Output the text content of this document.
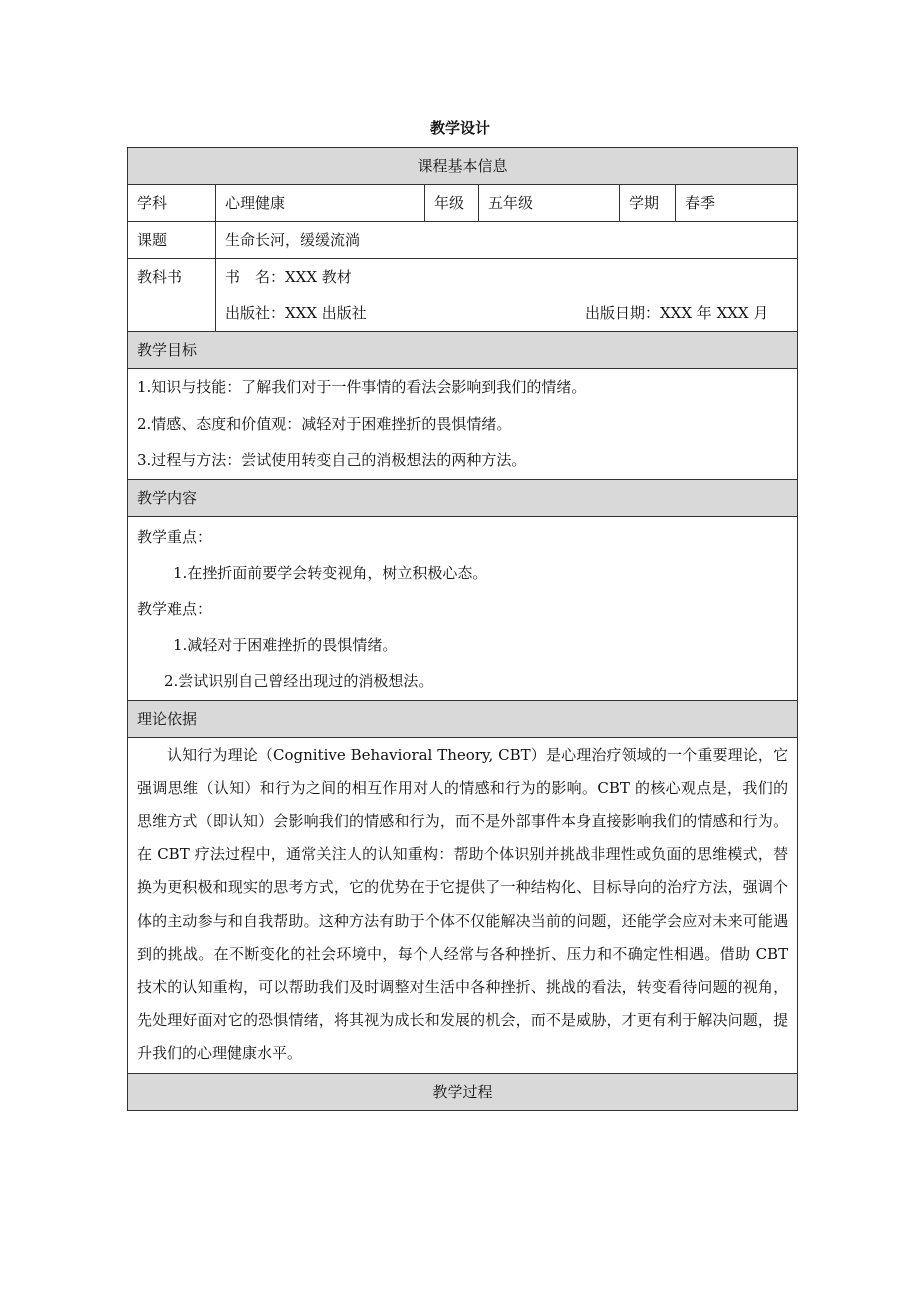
教学设计
课程基本信息					
学科	心理健康	年级	五年级	学期	春季
课题	生命长河，缓缓流淌				

教科书	书　名：XXX 教材
出版社：XXX 出版社 出版日期：XXX 年 XXX 月				

教学目标					

1.知识与技能：了解我们对于一件事情的看法会影响到我们的情绪。
2.情感、态度和价值观：减轻对于困难挫折的畏惧情绪。
3.过程与方法：尝试使用转变自己的消极想法的两种方法。					

教学内容					

教学重点：
1.在挫折面前要学会转变视角，树立积极心态。
教学难点：
1.减轻对于困难挫折的畏惧情绪。
2.尝试识别自己曾经出现过的消极想法。					

理论依据					

认知行为理论（Cognitive Behavioral Theory, CBT）是心理治疗领域的一个重要理论，它强调思维（认知）和行为之间的相互作用对人的情感和行为的影响。CBT 的核心观点是，我们的思维方式（即认知）会影响我们的情感和行为，而不是外部事件本身直接影响我们的情感和行为。在 CBT 疗法过程中，通常关注人的认知重构：帮助个体识别并挑战非理性或负面的思维模式，替换为更积极和现实的思考方式，它的优势在于它提供了一种结构化、目标导向的治疗方法，强调个体的主动参与和自我帮助。这种方法有助于个体不仅能解决当前的问题，还能学会应对未来可能遇到的挑战。在不断变化的社会环境中，每个人经常与各种挫折、压力和不确定性相遇。借助 CBT 技术的认知重构，可以帮助我们及时调整对生活中各种挫折、挑战的看法，转变看待问题的视角，先处理好面对它的恐惧情绪，将其视为成长和发展的机会，而不是威胁，才更有利于解决问题，提升我们的心理健康水平。					

教学过程					
